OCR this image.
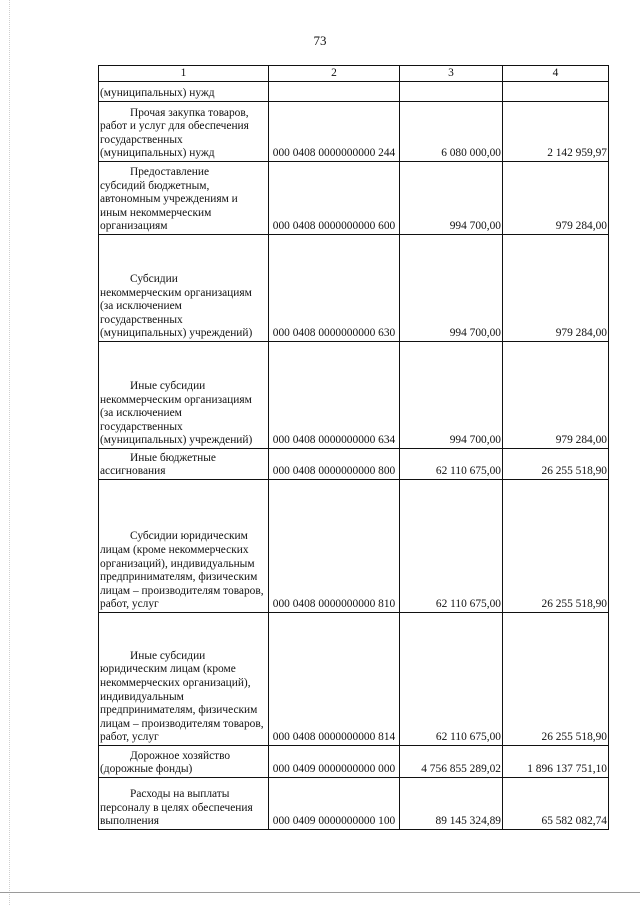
73
1	2	3	4

(муниципальных) нужд			

Прочая закупка товаров,
работ и услуг для обеспечения государственных (муниципальных) нужд	000 0408 0000000000 244	6 080 000,00	2 142 959,97

Предоставление
субсидий бюджетным, автономным учреждениям и иным некоммерческим организациям	000 0408 0000000000 600	994 700,00	979 284,00

Субсидии
некоммерческим организациям (за исключением государственных (муниципальных) учреждений)	000 0408 0000000000 630	994 700,00	979 284,00

Иные субсидии
некоммерческим организациям (за исключением государственных (муниципальных) учреждений)	000 0408 0000000000 634	994 700,00	979 284,00

Иные бюджетные
ассигнования	000 0408 0000000000 800	62 110 675,00	26 255 518,90

Субсидии юридическим
лицам (кроме некоммерческих организаций), индивидуальным предпринимателям, физическим лицам – производителям товаров, работ, услуг	000 0408 0000000000 810	62 110 675,00	26 255 518,90

Иные субсидии
юридическим лицам (кроме некоммерческих организаций), индивидуальным предпринимателям, физическим лицам – производителям товаров, работ, услуг	000 0408 0000000000 814	62 110 675,00	26 255 518,90

Дорожное хозяйство
(дорожные фонды)	000 0409 0000000000 000	4 756 855 289,02	1 896 137 751,10

Расходы на выплаты
персоналу в целях обеспечения выполнения	000 0409 0000000000 100	89 145 324,89	65 582 082,74
